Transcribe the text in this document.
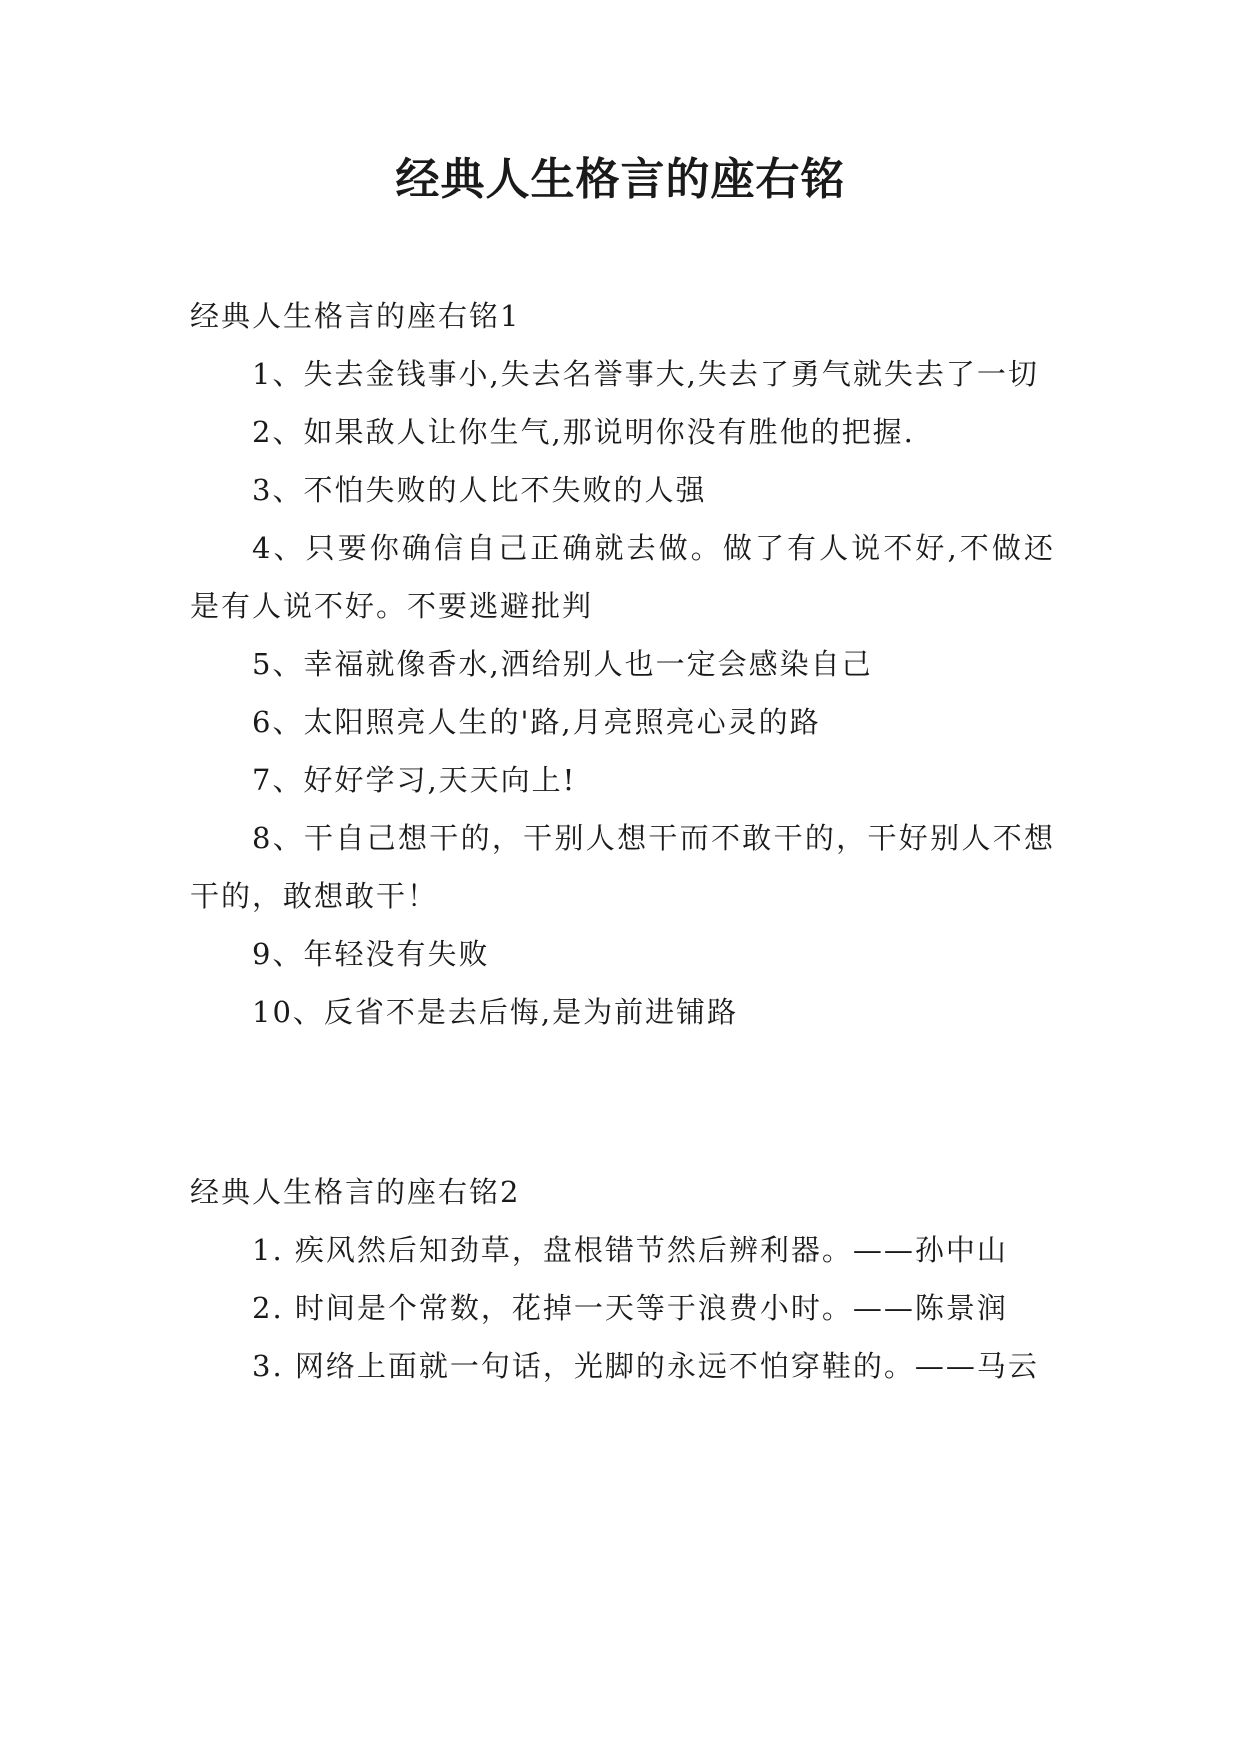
经典人生格言的座右铭

经典人生格言的座右铭1

1、失去金钱事小,失去名誉事大,失去了勇气就失去了一切

2、如果敌人让你生气,那说明你没有胜他的把握.

3、不怕失败的人比不失败的人强

4、只要你确信自己正确就去做。做了有人说不好,不做还是有人说不好。不要逃避批判

5、幸福就像香水,洒给别人也一定会感染自己

6、太阳照亮人生的'路,月亮照亮心灵的路

7、好好学习,天天向上!

8、干自己想干的，干别人想干而不敢干的，干好别人不想干的，敢想敢干！

9、年轻没有失败

10、反省不是去后悔,是为前进铺路

经典人生格言的座右铭2

1. 疾风然后知劲草，盘根错节然后辨利器。——孙中山

2. 时间是个常数，花掉一天等于浪费小时。——陈景润

3. 网络上面就一句话，光脚的永远不怕穿鞋的。——马云
